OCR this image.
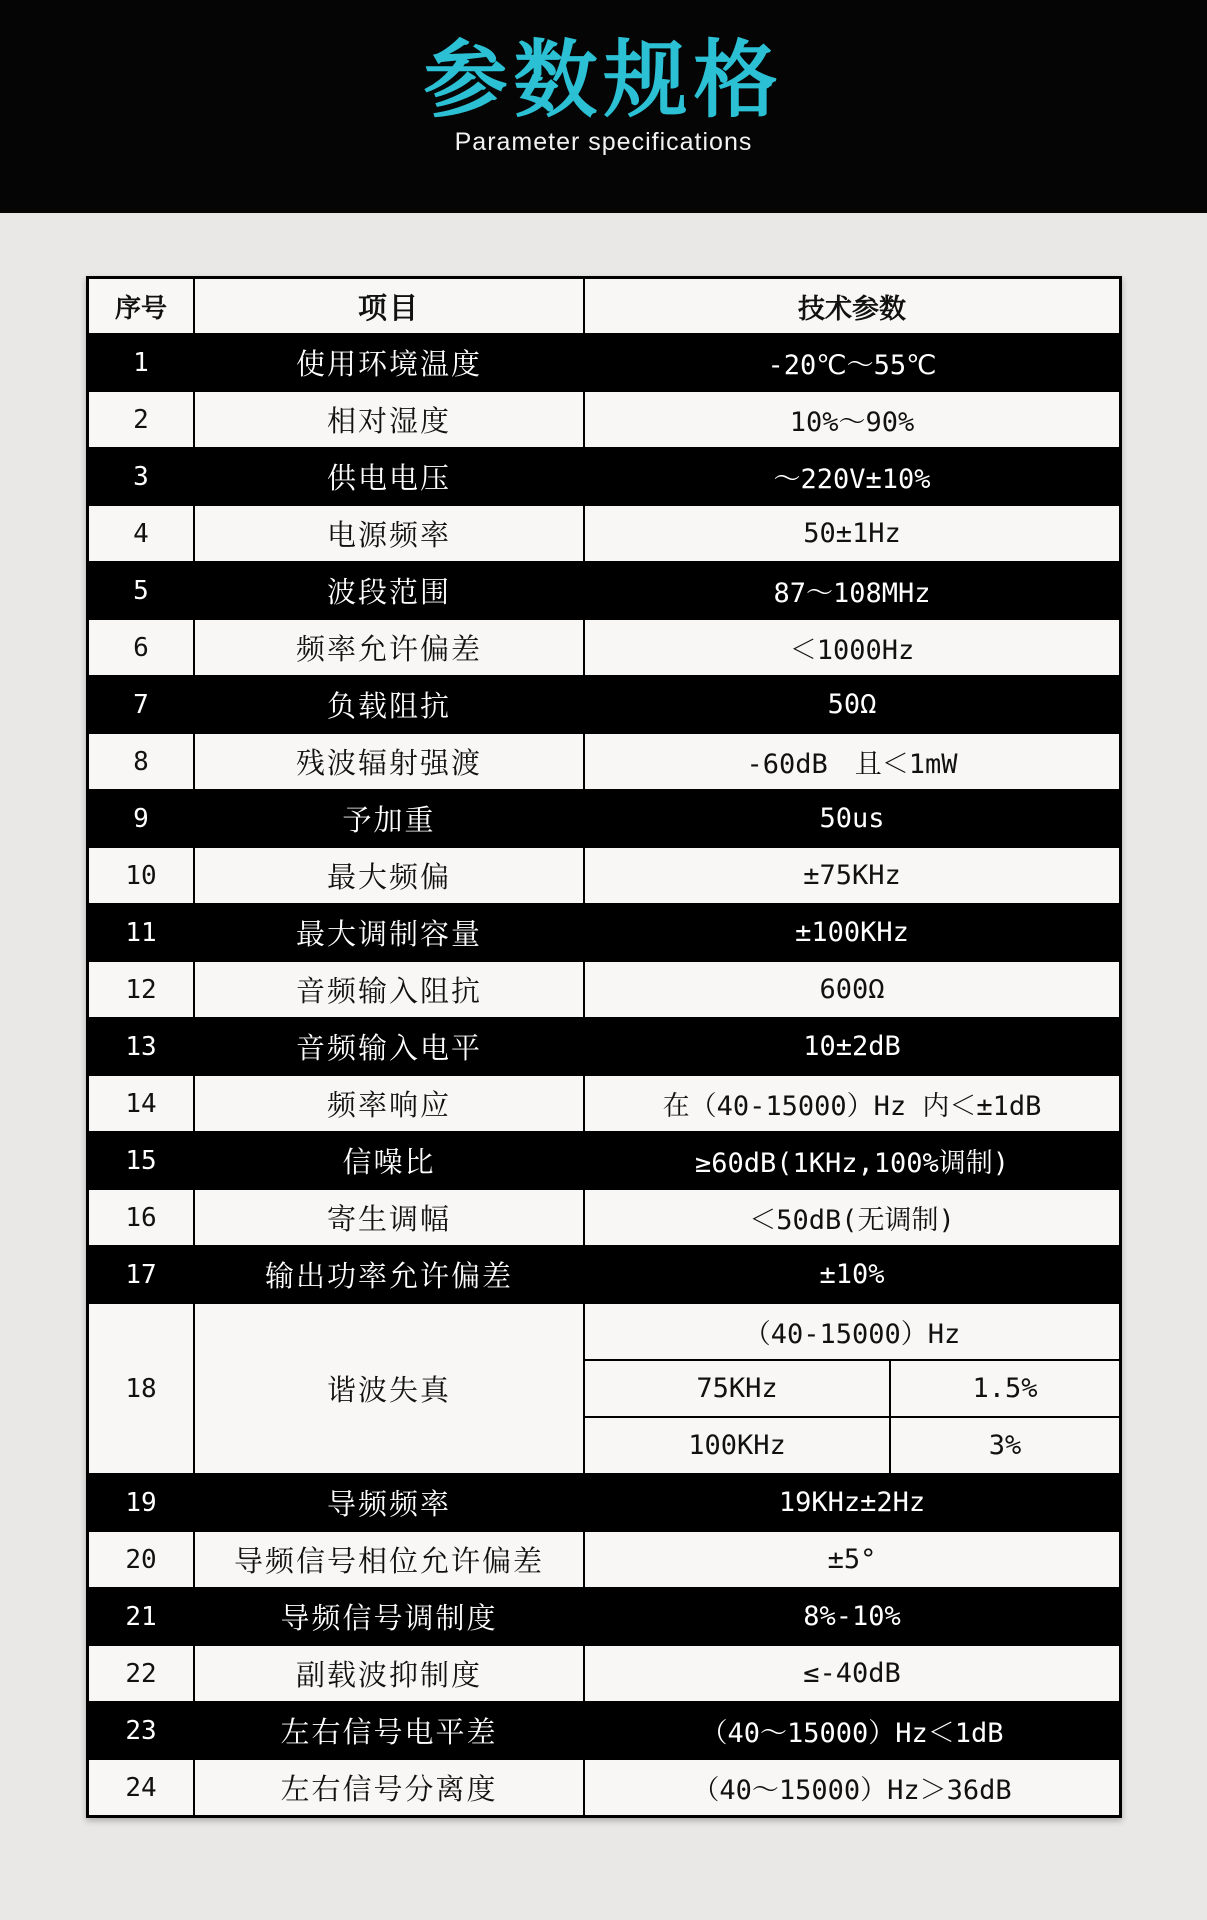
参数规格
Parameter specifications
序号	项目	技术参数
1	使用环境温度	-20℃～55℃
2	相对湿度	10%～90%
3	供电电压	～220V±10%
4	电源频率	50±1Hz
5	波段范围	87～108MHz
6	频率允许偏差	＜1000Hz
7	负载阻抗	50Ω
8	残波辐射强渡	-60dB　且＜1mW
9	予加重	50us
10	最大频偏	±75KHz
11	最大调制容量	±100KHz
12	音频输入阻抗	600Ω
13	音频输入电平	10±2dB
14	频率响应	在（40-15000）Hz 内＜±1dB
15	信噪比	≥60dB(1KHz,100%调制)
16	寄生调幅	＜50dB(无调制)
17	输出功率允许偏差	±10%
18	谐波失真
（40-15000）Hz
75KHz	1.5%
100KHz	3%
19	导频频率	19KHz±2Hz
20	导频信号相位允许偏差	±5°
21	导频信号调制度	8%-10%
22	副载波抑制度	≤-40dB
23	左右信号电平差	（40～15000）Hz＜1dB
24	左右信号分离度	（40～15000）Hz＞36dB
